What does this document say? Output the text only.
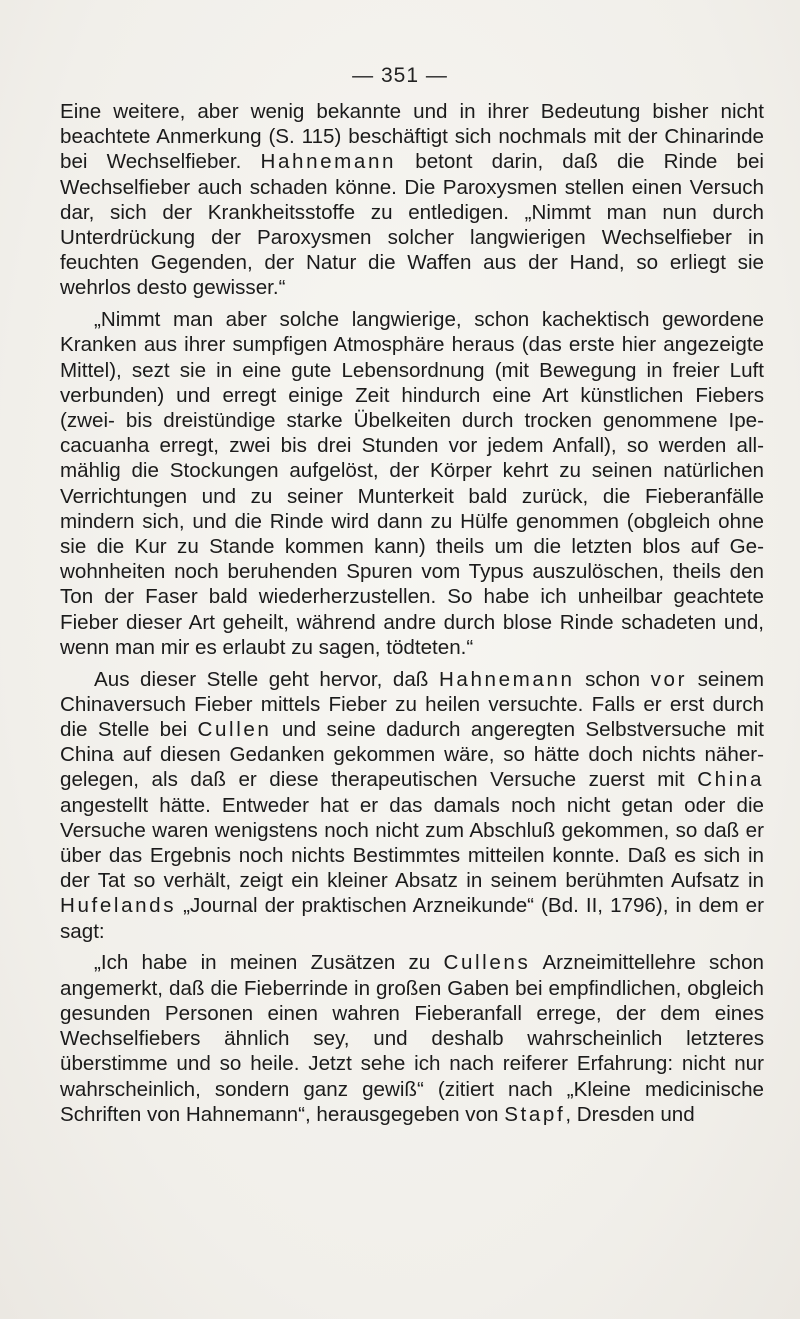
— 351 —

Eine weitere, aber wenig bekannte und in ihrer Bedeutung bisher nicht beachtete Anmerkung (S. 115) beschäftigt sich nochmals mit der Chinarinde bei Wechselfieber. Hahnemann betont darin, daß die Rinde bei Wechselfieber auch schaden könne. Die Paroxysmen stellen einen Versuch dar, sich der Krankheitsstoffe zu entledigen. „Nimmt man nun durch Unterdrückung der Paroxysmen solcher langwierigen Wechselfieber in feuchten Gegenden, der Natur die Waffen aus der Hand, so erliegt sie wehrlos desto gewisser.“

„Nimmt man aber solche langwierige, schon kachektisch gewordene Kranken aus ihrer sumpfigen Atmosphäre heraus (das erste hier angezeigte Mittel), sezt sie in eine gute Lebensordnung (mit Bewegung in freier Luft verbunden) und erregt einige Zeit hindurch eine Art künstlichen Fiebers (zwei- bis dreistündige starke Übelkeiten durch trocken genommene Ipecacuanha erregt, zwei bis drei Stunden vor jedem Anfall), so werden allmählig die Stockungen aufgelöst, der Körper kehrt zu seinen natürlichen Verrichtungen und zu seiner Munterkeit bald zurück, die Fieberanfälle mindern sich, und die Rinde wird dann zu Hülfe genommen (obgleich ohne sie die Kur zu Stande kommen kann) theils um die letzten blos auf Gewohnheiten noch beruhenden Spuren vom Typus auszulöschen, theils den Ton der Faser bald wiederherzustellen. So habe ich unheilbar geachtete Fieber dieser Art geheilt, während andre durch blose Rinde schadeten und, wenn man mir es erlaubt zu sagen, tödteten.“

Aus dieser Stelle geht hervor, daß Hahnemann schon vor seinem Chinaversuch Fieber mittels Fieber zu heilen versuchte. Falls er erst durch die Stelle bei Cullen und seine dadurch angeregten Selbstversuche mit China auf diesen Gedanken gekommen wäre, so hätte doch nichts nähergelegen, als daß er diese therapeutischen Versuche zuerst mit China angestellt hätte. Entweder hat er das damals noch nicht getan oder die Versuche waren wenigstens noch nicht zum Abschluß gekommen, so daß er über das Ergebnis noch nichts Bestimmtes mitteilen konnte. Daß es sich in der Tat so verhält, zeigt ein kleiner Absatz in seinem berühmten Aufsatz in Hufelands „Journal der praktischen Arzneikunde“ (Bd. II, 1796), in dem er sagt:

„Ich habe in meinen Zusätzen zu Cullens Arzneimittellehre schon angemerkt, daß die Fieberrinde in großen Gaben bei empfindlichen, obgleich gesunden Personen einen wahren Fieberanfall errege, der dem eines Wechselfiebers ähnlich sey, und deshalb wahrscheinlich letzteres überstimme und so heile. Jetzt sehe ich nach reiferer Erfahrung: nicht nur wahrscheinlich, sondern ganz gewiß“ (zitiert nach „Kleine medicinische Schriften von Hahnemann“, herausgegeben von Stapf, Dresden und
